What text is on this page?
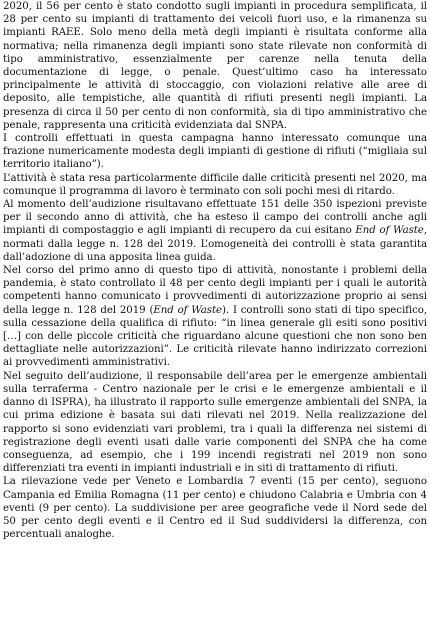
2020, il 56 per cento è stato condotto sugli impianti in procedura semplificata, il 28 per cento su impianti di trattamento dei veicoli fuori uso, e la rimanenza su impianti RAEE. Solo meno della metà degli impianti è risultata conforme alla normativa; nella rimanenza degli impianti sono state rilevate non conformità di tipo amministrativo, essenzialmente per carenze nella tenuta della documentazione di legge, o penale. Quest’ultimo caso ha interessato principalmente le attività di stoccaggio, con violazioni relative alle aree di deposito, alle tempistiche, alle quantità di rifiuti presenti negli impianti. La presenza di circa il 50 per cento di non conformità, sia di tipo amministrativo che penale, rappresenta una criticità evidenziata dal SNPA.

I controlli effettuati in questa campagna hanno interessato comunque una frazione numericamente modesta degli impianti di gestione di rifiuti (“migliaia sul territorio italiano”).

L’attività è stata resa particolarmente difficile dalle criticità presenti nel 2020, ma comunque il programma di lavoro è terminato con soli pochi mesi di ritardo.

Al momento dell’audizione risultavano effettuate 151 delle 350 ispezioni previste per il secondo anno di attività, che ha esteso il campo dei controlli anche agli impianti di compostaggio e agli impianti di recupero da cui esitano End of Waste, normati dalla legge n. 128 del 2019. L’omogeneità dei controlli è stata garantita dall’adozione di una apposita linea guida.

Nel corso del primo anno di questo tipo di attività, nonostante i problemi della pandemia, è stato controllato il 48 per cento degli impianti per i quali le autorità competenti hanno comunicato i provvedimenti di autorizzazione proprio ai sensi della legge n. 128 del 2019 (End of Waste). I controlli sono stati di tipo specifico, sulla cessazione della qualifica di rifiuto: “in linea generale gli esiti sono positivi […] con delle piccole criticità che riguardano alcune questioni che non sono ben dettagliate nelle autorizzazioni”. Le criticità rilevate hanno indirizzato correzioni ai provvedimenti amministrativi.

Nel seguito dell’audizione, il responsabile dell’area per le emergenze ambientali sulla terraferma - Centro nazionale per le crisi e le emergenze ambientali e il danno di ISPRA), ha illustrato il rapporto sulle emergenze ambientali del SNPA, la cui prima edizione è basata sui dati rilevati nel 2019. Nella realizzazione del rapporto si sono evidenziati vari problemi, tra i quali la differenza nei sistemi di registrazione degli eventi usati dalle varie componenti del SNPA che ha come conseguenza, ad esempio, che i 199 incendi registrati nel 2019 non sono differenziati tra eventi in impianti industriali e in siti di trattamento di rifiuti.

La rilevazione vede per Veneto e Lombardia 7 eventi (15 per cento), seguono Campania ed Emilia Romagna (11 per cento) e chiudono Calabria e Umbria con 4 eventi (9 per cento). La suddivisione per aree geografiche vede il Nord sede del 50 per cento degli eventi e il Centro ed il Sud suddividersi la differenza, con percentuali analoghe.
